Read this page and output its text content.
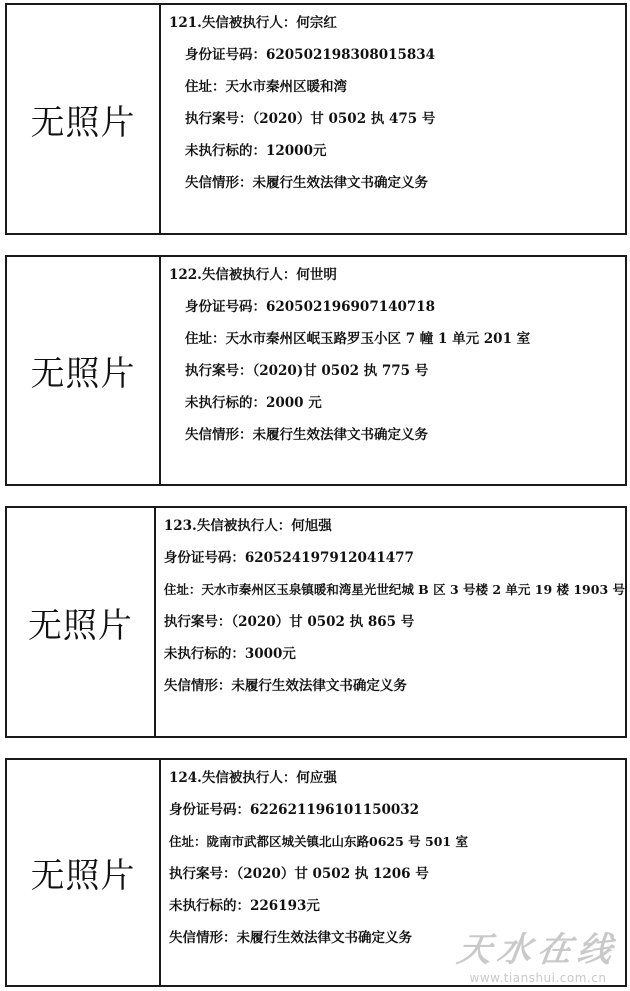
无照片
121.失信被执行人：何宗红
身份证号码：620502198308015834
住址：天水市秦州区暖和湾
执行案号：（2020）甘 0502 执 475 号
未执行标的：12000元
失信情形：未履行生效法律文书确定义务
无照片
122.失信被执行人：何世明
身份证号码：620502196907140718
住址：天水市秦州区岷玉路罗玉小区 7 幢 1 单元 201 室
执行案号：（2020)甘 0502 执 775 号
未执行标的：2000 元
失信情形：未履行生效法律文书确定义务
无照片
123.失信被执行人：何旭强
身份证号码：620524197912041477
住址：天水市秦州区玉泉镇暖和湾星光世纪城 B 区 3 号楼 2 单元 19 楼 1903 号
执行案号：（2020）甘 0502 执 865 号
未执行标的：3000元
失信情形：未履行生效法律文书确定义务
无照片
124.失信被执行人：何应强
身份证号码：622621196101150032
住址：陇南市武都区城关镇北山东路0625 号 501 室
执行案号：（2020）甘 0502 执 1206 号
未执行标的：226193元
失信情形：未履行生效法律文书确定义务	天水在线
www.tianshui.com.cn
